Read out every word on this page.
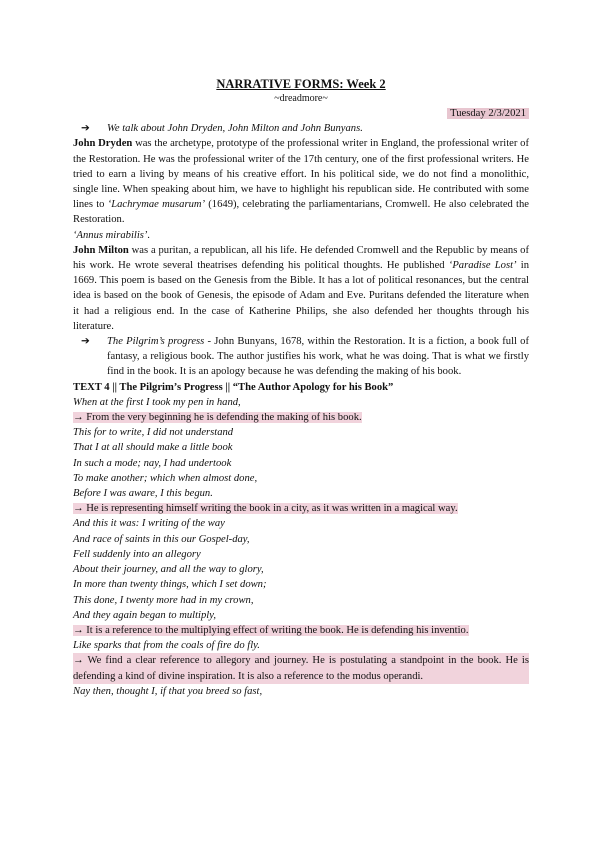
NARRATIVE FORMS: Week 2
~dreadmore~
Tuesday 2/3/2021
➔	We talk about John Dryden, John Milton and John Bunyans.
John Dryden was the archetype, prototype of the professional writer in England, the professional writer of the Restoration. He was the professional writer of the 17th century, one of the first professional writers. He tried to earn a living by means of his creative effort. In his political side, we do not find a monolithic, single line. When speaking about him, we have to highlight his republican side. He contributed with some lines to ‘Lachrymae musarum’ (1649), celebrating the parliamentarians, Cromwell. He also celebrated the Restoration.
‘Annus mirabilis’.
John Milton was a puritan, a republican, all his life. He defended Cromwell and the Republic by means of his work. He wrote several theatrises defending his political thoughts. He published ‘Paradise Lost’ in 1669. This poem is based on the Genesis from the Bible. It has a lot of political resonances, but the central idea is based on the book of Genesis, the episode of Adam and Eve. Puritans defended the literature when it had a religious end. In the case of Katherine Philips, she also defended her thoughts through his literature.
➔	The Pilgrim’s progress - John Bunyans, 1678, within the Restoration. It is a fiction, a book full of fantasy, a religious book. The author justifies his work, what he was doing. That is what we firstly find in the book. It is an apology because he was defending the making of his book.
TEXT 4 || The Pilgrim’s Progress || “The Author Apology for his Book”
When at the first I took my pen in hand,
→ From the very beginning he is defending the making of his book.
This for to write, I did not understand
That I at all should make a little book
In such a mode; nay, I had undertook
To make another; which when almost done,
Before I was aware, I this begun.
→ He is representing himself writing the book in a city, as it was written in a magical way.
And this it was: I writing of the way
And race of saints in this our Gospel-day,
Fell suddenly into an allegory
About their journey, and all the way to glory,
In more than twenty things, which I set down;
This done, I twenty more had in my crown,
And they again began to multiply,
→ It is a reference to the multiplying effect of writing the book. He is defending his inventio.
Like sparks that from the coals of fire do fly.
→ We find a clear reference to allegory and journey. He is postulating a standpoint in the book. He is defending a kind of divine inspiration. It is also a reference to the modus operandi.
Nay then, thought I, if that you breed so fast,
